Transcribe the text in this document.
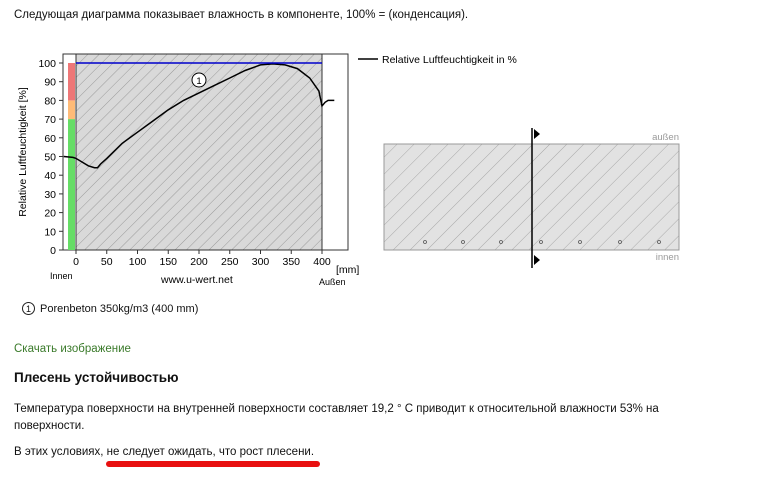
Следующая диаграмма показывает влажность в компоненте, 100% = (конденсация).
Relative Luftfeuchtigkeit [%]
[mm]
Innen
Außen
www.u-wert.net
1
Relative Luftfeuchtigkeit in %
0
10
20
30
40
50
60
70
80
90
100
0 50 100 150 200 250 300 350 400
außen
innen
1 Porenbeton 350kg/m3 (400 mm)
Скачать изображение
Плесень устойчивостью
Температура поверхности на внутренней поверхности составляет 19,2 ° C приводит к относительной влажности 53% на поверхности.
В этих условиях, не следует ожидать, что рост плесени.
